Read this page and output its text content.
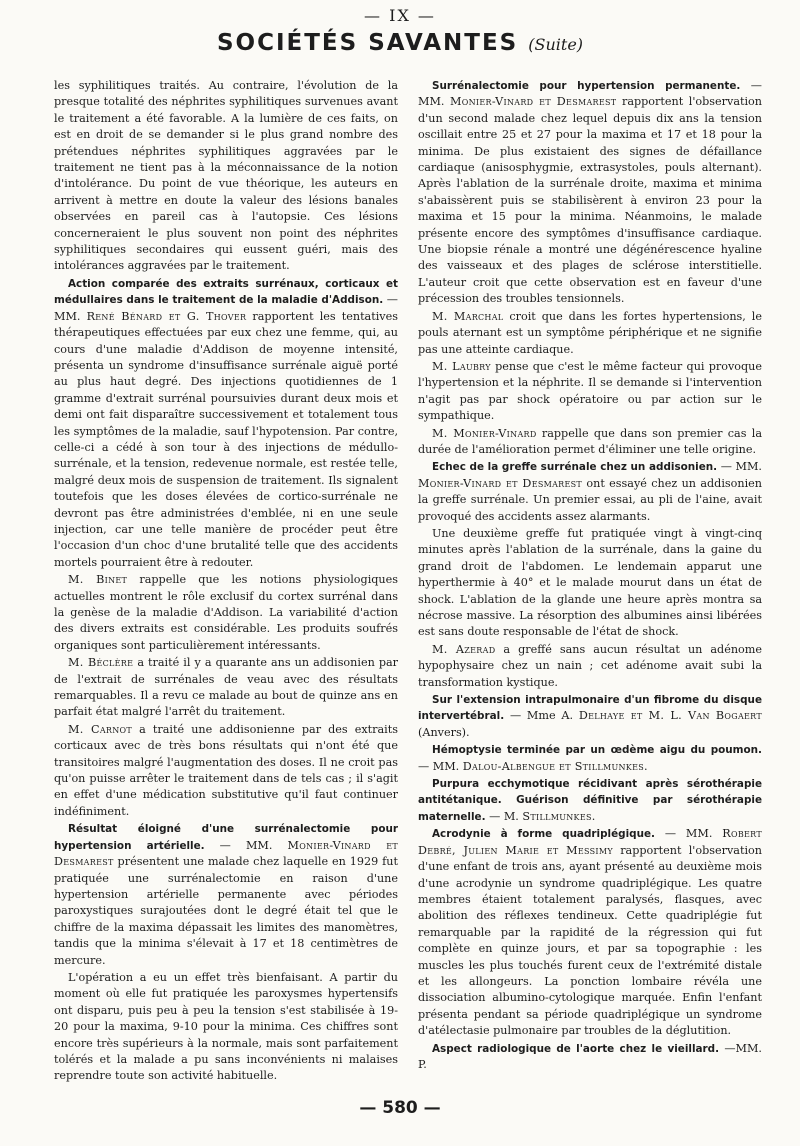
— IX —
SOCIÉTÉS SAVANTES (Suite)

les syphilitiques traités. Au contraire, l'évolution de la presque totalité des néphrites syphilitiques survenues avant le traitement a été favorable. A la lumière de ces faits, on est en droit de se demander si le plus grand nombre des prétendues néphrites syphilitiques aggravées par le traitement ne tient pas à la méconnaissance de la notion d'intolérance. Du point de vue théorique, les auteurs en arrivent à mettre en doute la valeur des lésions banales observées en pareil cas à l'autopsie. Ces lésions concerneraient le plus souvent non point des néphrites syphilitiques secondaires qui eussent guéri, mais des intolérances aggravées par le traitement.

Action comparée des extraits surrénaux, corticaux et médullaires dans le traitement de la maladie d'Addison. — MM. René Bénard et G. Thover rapportent les tentatives thérapeutiques effectuées par eux chez une femme, qui, au cours d'une maladie d'Addison de moyenne intensité, présenta un syndrome d'insuffisance surrénale aiguë porté au plus haut degré. Des injections quotidiennes de 1 gramme d'extrait surrénal poursuivies durant deux mois et demi ont fait disparaître successivement et totalement tous les symptômes de la maladie, sauf l'hypotension. Par contre, celle-ci a cédé à son tour à des injections de médullo-surrénale, et la tension, redevenue normale, est restée telle, malgré deux mois de suspension de traitement. Ils signalent toutefois que les doses élevées de cortico-surrénale ne devront pas être administrées d'emblée, ni en une seule injection, car une telle manière de procéder peut être l'occasion d'un choc d'une brutalité telle que des accidents mortels pourraient être à redouter.

M. Binet rappelle que les notions physiologiques actuelles montrent le rôle exclusif du cortex surrénal dans la genèse de la maladie d'Addison. La variabilité d'action des divers extraits est considérable. Les produits soufrés organiques sont particulièrement intéressants.

M. Béclère a traité il y a quarante ans un addisonien par de l'extrait de surrénales de veau avec des résultats remarquables. Il a revu ce malade au bout de quinze ans en parfait état malgré l'arrêt du traitement.

M. Carnot a traité une addisonienne par des extraits corticaux avec de très bons résultats qui n'ont été que transitoires malgré l'augmentation des doses. Il ne croit pas qu'on puisse arrêter le traitement dans de tels cas ; il s'agit en effet d'une médication substitutive qu'il faut continuer indéfiniment.

Résultat éloigné d'une surrénalectomie pour hypertension artérielle. — MM. Monier-Vinard et Desmarest présentent une malade chez laquelle en 1929 fut pratiquée une surrénalectomie en raison d'une hypertension artérielle permanente avec périodes paroxystiques surajoutées dont le degré était tel que le chiffre de la maxima dépassait les limites des manomètres, tandis que la minima s'élevait à 17 et 18 centimètres de mercure.

L'opération a eu un effet très bienfaisant. A partir du moment où elle fut pratiquée les paroxysmes hypertensifs ont disparu, puis peu à peu la tension s'est stabilisée à 19-20 pour la maxima, 9-10 pour la minima. Ces chiffres sont encore très supérieurs à la normale, mais sont parfaitement tolérés et la malade a pu sans inconvénients ni malaises reprendre toute son activité habituelle.

Surrénalectomie pour hypertension permanente. — MM. Monier-Vinard et Desmarest rapportent l'observation d'un second malade chez lequel depuis dix ans la tension oscillait entre 25 et 27 pour la maxima et 17 et 18 pour la minima. De plus existaient des signes de défaillance cardiaque (anisosphygmie, extrasystoles, pouls alternant). Après l'ablation de la surrénale droite, maxima et minima s'abaissèrent puis se stabilisèrent à environ 23 pour la maxima et 15 pour la minima. Néanmoins, le malade présente encore des symptômes d'insuffisance cardiaque. Une biopsie rénale a montré une dégénérescence hyaline des vaisseaux et des plages de sclérose interstitielle. L'auteur croit que cette observation est en faveur d'une précession des troubles tensionnels.

M. Marchal croit que dans les fortes hypertensions, le pouls aternant est un symptôme périphérique et ne signifie pas une atteinte cardiaque.

M. Laubry pense que c'est le même facteur qui provoque l'hypertension et la néphrite. Il se demande si l'intervention n'agit pas par shock opératoire ou par action sur le sympathique.

M. Monier-Vinard rappelle que dans son premier cas la durée de l'amélioration permet d'éliminer une telle origine.

Echec de la greffe surrénale chez un addisonien. — MM. Monier-Vinard et Desmarest ont essayé chez un addisonien la greffe surrénale. Un premier essai, au pli de l'aine, avait provoqué des accidents assez alarmants.

Une deuxième greffe fut pratiquée vingt à vingt-cinq minutes après l'ablation de la surrénale, dans la gaine du grand droit de l'abdomen. Le lendemain apparut une hyperthermie à 40° et le malade mourut dans un état de shock. L'ablation de la glande une heure après montra sa nécrose massive. La résorption des albumines ainsi libérées est sans doute responsable de l'état de shock.

M. Azerad a greffé sans aucun résultat un adénome hypophysaire chez un nain ; cet adénome avait subi la transformation kystique.

Sur l'extension intrapulmonaire d'un fibrome du disque intervertébral. — Mme A. Delhaye et M. L. Van Bogaert (Anvers).

Hémoptysie terminée par un œdème aigu du poumon. — MM. Dalou-Albengue et Stillmunkes.

Purpura ecchymotique récidivant après sérothérapie antitétanique. Guérison définitive par sérothérapie maternelle. — M. Stillmunkes.

Acrodynie à forme quadriplégique. — MM. Robert Debré, Julien Marie et Messimy rapportent l'observation d'une enfant de trois ans, ayant présenté au deuxième mois d'une acrodynie un syndrome quadriplégique. Les quatre membres étaient totalement paralysés, flasques, avec abolition des réflexes tendineux. Cette quadriplégie fut remarquable par la rapidité de la régression qui fut complète en quinze jours, et par sa topographie : les muscles les plus touchés furent ceux de l'extrémité distale et les allongeurs. La ponction lombaire révéla une dissociation albumino-cytologique marquée. Enfin l'enfant présenta pendant sa période quadriplégique un syndrome d'atélectasie pulmonaire par troubles de la déglutition.

Aspect radiologique de l'aorte chez le vieillard. —MM. P.

— 580 —
